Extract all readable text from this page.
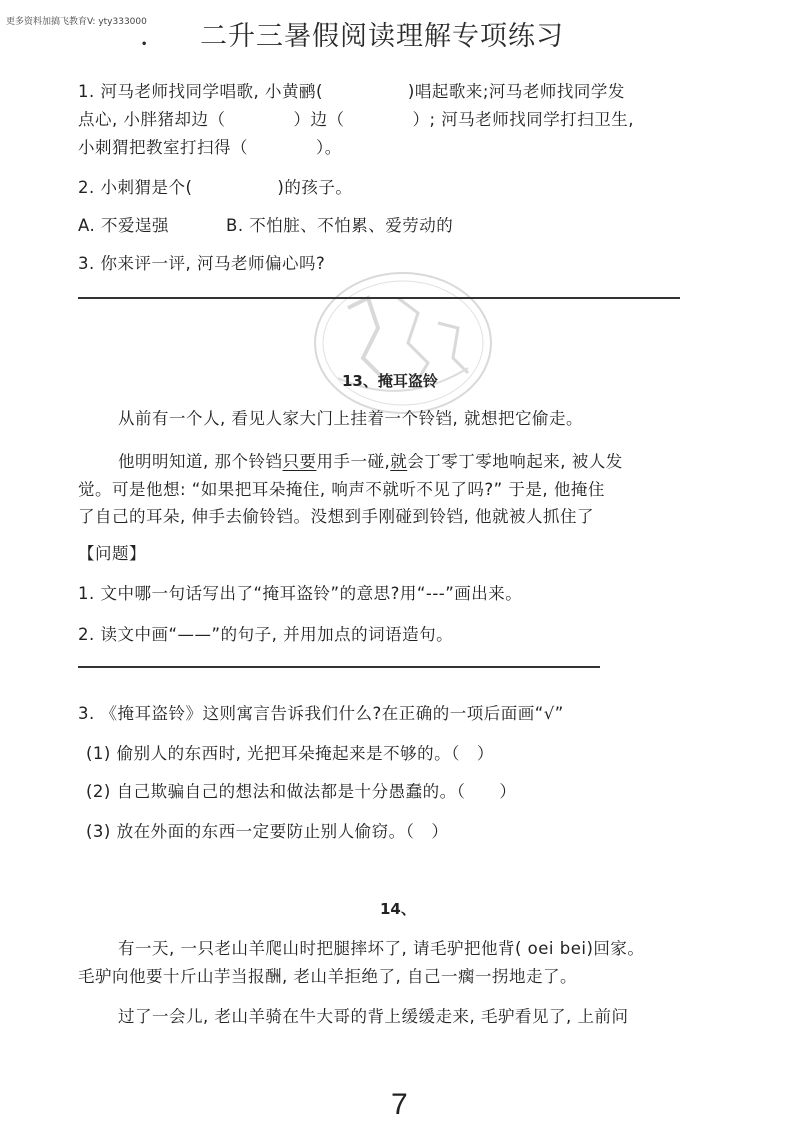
更多资料加搞飞教育V: yty333000
． 二升三暑假阅读理解专项练习
1. 河马老师找同学唱歌, 小黄鹂(　　　　　)唱起歌来;河马老师找同学发
点心, 小胖猪却边（　　　　）边（　　　　）; 河马老师找同学打扫卫生,
小刺猬把教室打扫得（　　　　）。
2. 小刺猬是个(　　　　　)的孩子。
A. 不爱逞强	B. 不怕脏、不怕累、爱劳动的
3. 你来评一评, 河马老师偏心吗?
13、掩耳盗铃
从前有一个人, 看见人家大门上挂着一个铃铛, 就想把它偷走。
他明明知道, 那个铃铛只要用手一碰,就会丁零丁零地响起来, 被人发
觉。可是他想: “如果把耳朵掩住, 响声不就听不见了吗?” 于是, 他掩住
了自己的耳朵, 伸手去偷铃铛。没想到手刚碰到铃铛, 他就被人抓住了
【问题】
1. 文中哪一句话写出了“掩耳盗铃”的意思?用“---”画出来。
2. 读文中画“——”的句子, 并用加点的词语造句。
3. 《掩耳盗铃》这则寓言告诉我们什么?在正确的一项后面画“√”
(1) 偷别人的东西时, 光把耳朵掩起来是不够的。（　）
(2) 自己欺骗自己的想法和做法都是十分愚蠢的。（　　）
(3) 放在外面的东西一定要防止别人偷窃。（　）
14、
有一天, 一只老山羊爬山时把腿摔坏了, 请毛驴把他背( oei bei)回家。
毛驴向他要十斤山芋当报酬, 老山羊拒绝了, 自己一瘸一拐地走了。
过了一会儿, 老山羊骑在牛大哥的背上缓缓走来, 毛驴看见了, 上前问
7
